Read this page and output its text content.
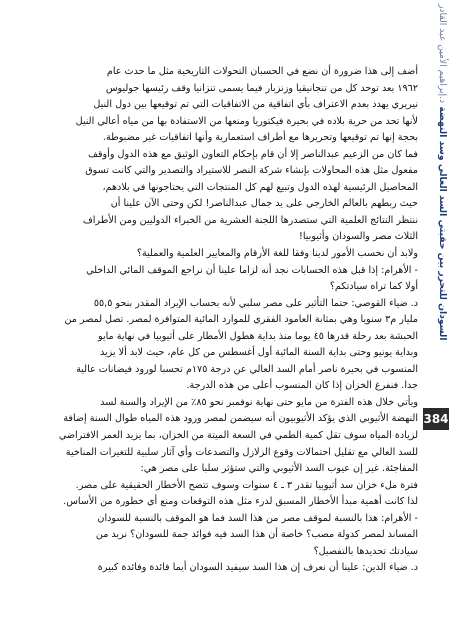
أضف إلى هذا ضرورة أن نضع في الحسبان التحولات التاريخية مثل ما حدث عام

١٩٦٢ بعد توحد كل من تنجانيقيا وزنزبار فيما يسمى تنزانيا وقف رئيسها جوليوس

نيريري يهدد بعدم الاعتراف بأي اتفاقية من الاتفاقيات التي تم توقيعها بين دول النيل

لأنها تحد من حرية بلاده في بحيرة فيكتوريا ومنعها من الاستفادة بها من مياه أعالي النيل

بحجة إنها تم توقيعها وتحريرها مع أطراف استعمارية وأنها اتفاقيات غير مضبوطة.

فما كان من الزعيم عبدالناصر إلا أن قام بإحكام التعاون الوثيق مع هذه الدول وأوقف

مفعول مثل هذه المحاولات بإنشاء شركة النصر للاستيراد والتصدير والتي كانت تسوق

المحاصيل الرئيسية لهذه الدول وتبيع لهم كل المنتجات التي يحتاجونها في بلادهم،

حيث ربطهم بالعالم الخارجي على يد جمال عبدالناصر! لكن وحتى الآن علينا أن

ننتظر النتائج العلمية التي ستصدرها اللجنة العشرية من الخبراء الدوليين ومن الأطراف

الثلاث مصر والسودان وأثيوبيا!

ولابد أن نحسب الأمور لدينا وفقا للغة الأرقام والمعايير العلمية والعملية؟

- الأهرام: إذا قبل هذه الحسابات نجد أنه لزاما علينا أن نراجع الموقف المائي الداخلي

أولا كما تراه سيادتكم؟

د. ضياء القوصي: حتما التأثير على مصر سلبي لأنه بحساب الإيراد المقدر بنحو ٥٥,٥

مليار م٣ سنويا وهي بمثابة العامود الفقري للموارد المائية المتوافرة لمصر. تصل لمصر من

الحبشة بعد رحلة قدرها ٤٥ يوما منذ بداية هطول الأمطار على أثيوبيا في نهاية مايو

وبداية يونيو وحتى بداية السنة المائية أول أغسطس من كل عام، حيث لابد ألا يزيد

المنسوب في بحيرة ناصر أمام السد العالي عن درجة ١٧٥م تحسبا لورود فيضانات عالية

جدا. فنفرغ الخزان إذا كان المنسوب أعلى من هذه الدرجة.

ويأتي خلال هذه الفترة من مايو حتى نهاية نوفمبر نحو ٨٥٪ من الإيراد والسنة لسد

النهضة الأثيوبي الذي يؤكد الأثيوبيون أنه سيضمن لمصر ورود هذه المياه طوال السنة إضافة

لزيادة المياه سوف تقل كمية الطمي في السعة الميتة من الخزان، بما يزيد العمر الافتراضي

للسد العالي مع تقليل احتمالات وقوع الزلازل والتصدعات وأي آثار سلبية للتغيرات المناخية

المفاجئة. غير إن عيوب السد الأثيوبي والتي ستؤثر سلبا على مصر هي:

فترة ملء خزان سد أثيوبيا تقدر ٣ ـ ٤ سنوات وسوف تتضح الأخطار الحقيقية على مصر.

لذا كانت أهمية مبدأ الأخطار المسبق لدرء مثل هذه التوقعات ومنع أي خطورة من الأساس.

- الأهرام: هذا بالنسبة لموقف مصر من هذا السد فما هو الموقف بالنسبة للسودان

المساند لمصر كدولة مصب؟ خاصة أن هذا السد فيه فوائد جمة للسودان؟ نريد من

سيادتك تحديدها بالتفصيل؟

د. ضياء الدين: علينا أن نعرف إن هذا السد سيفيد السودان أيما فائدة وفائدة كبيرة

السودان للتحرر بين حقبتي السد العالي وسد النهضة د.إبراهيم الأمين عبد القادر
384
